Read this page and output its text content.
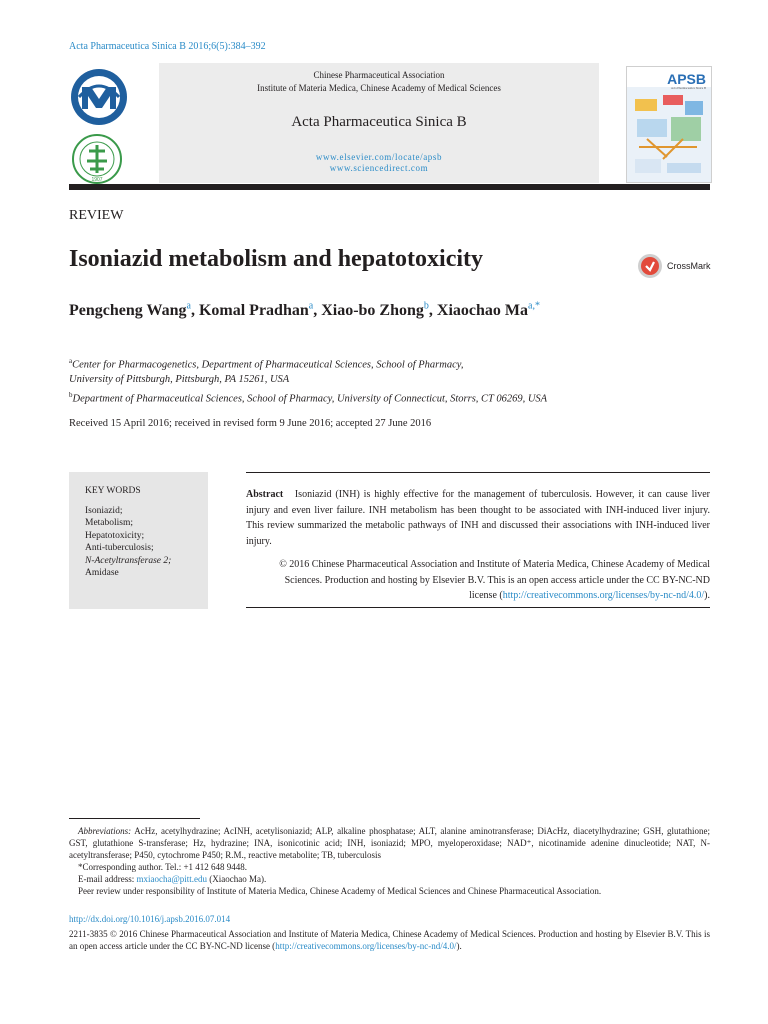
Acta Pharmaceutica Sinica B 2016;6(5):384–392
1907
Chinese Pharmaceutical Association
Institute of Materia Medica, Chinese Academy of Medical Sciences
Acta Pharmaceutica Sinica B
www.elsevier.com/locate/apsb
www.sciencedirect.com
APSB
Acta Pharmaceutica Sinica B
REVIEW
Isoniazid metabolism and hepatotoxicity	CrossMark
Pengcheng Wang$^a$, Komal Pradhan$^a$, Xiao-bo Zhong$^b$, Xiaochao $Ma^{a,*}$
$^a$Center for Pharmacogenetics, Department of Pharmaceutical Sciences, School of Pharmacy,
University of Pittsburgh, Pittsburgh, PA 15261, USA
$^b$Department of Pharmaceutical Sciences, School of Pharmacy, University of Connecticut, Storrs, CT 06269, USA
Received 15 April 2016; received in revised form 9 June 2016; accepted 27 June 2016
KEY WORDS
Isoniazid;
Metabolism;
Hepatotoxicity;
Anti-tuberculosis;
N-Acetyltransferase 2;
Amidase
Abstract Isoniazid (INH) is highly effective for the management of tuberculosis. However, it can cause liver injury and even liver failure. INH metabolism has been thought to be associated with INH-induced liver injury. This review summarized the metabolic pathways of INH and discussed their associations with INH-induced liver injury.
© 2016 Chinese Pharmaceutical Association and Institute of Materia Medica, Chinese Academy of Medical Sciences. Production and hosting by Elsevier B.V. This is an open access article under the CC BY-NC-ND license (http://creativecommons.org/licenses/by-nc-nd/4.0/).
Abbreviations: AcHz, acetylhydrazine; AcINH, acetylisoniazid; ALP, alkaline phosphatase; ALT, alanine aminotransferase; DiAcHz, diacetylhydrazine; GSH, glutathione; GST, glutathione S-transferase; Hz, hydrazine; INA, isonicotinic acid; INH, isoniazid; MPO, myeloperoxidase; NAD⁺, nicotinamide adenine dinucleotide; NAT, N-acetyltransferase; P450, cytochrome P450; R.M., reactive metabolite; TB, tuberculosis
*Corresponding author. Tel.: +1 412 648 9448.
E-mail address: mxiaocha@pitt.edu (Xiaochao Ma).
Peer review under responsibility of Institute of Materia Medica, Chinese Academy of Medical Sciences and Chinese Pharmaceutical Association.
http://dx.doi.org/10.1016/j.apsb.2016.07.014
2211-3835 © 2016 Chinese Pharmaceutical Association and Institute of Materia Medica, Chinese Academy of Medical Sciences. Production and hosting by Elsevier B.V. This is an open access article under the CC BY-NC-ND license (http://creativecommons.org/licenses/by-nc-nd/4.0/).
